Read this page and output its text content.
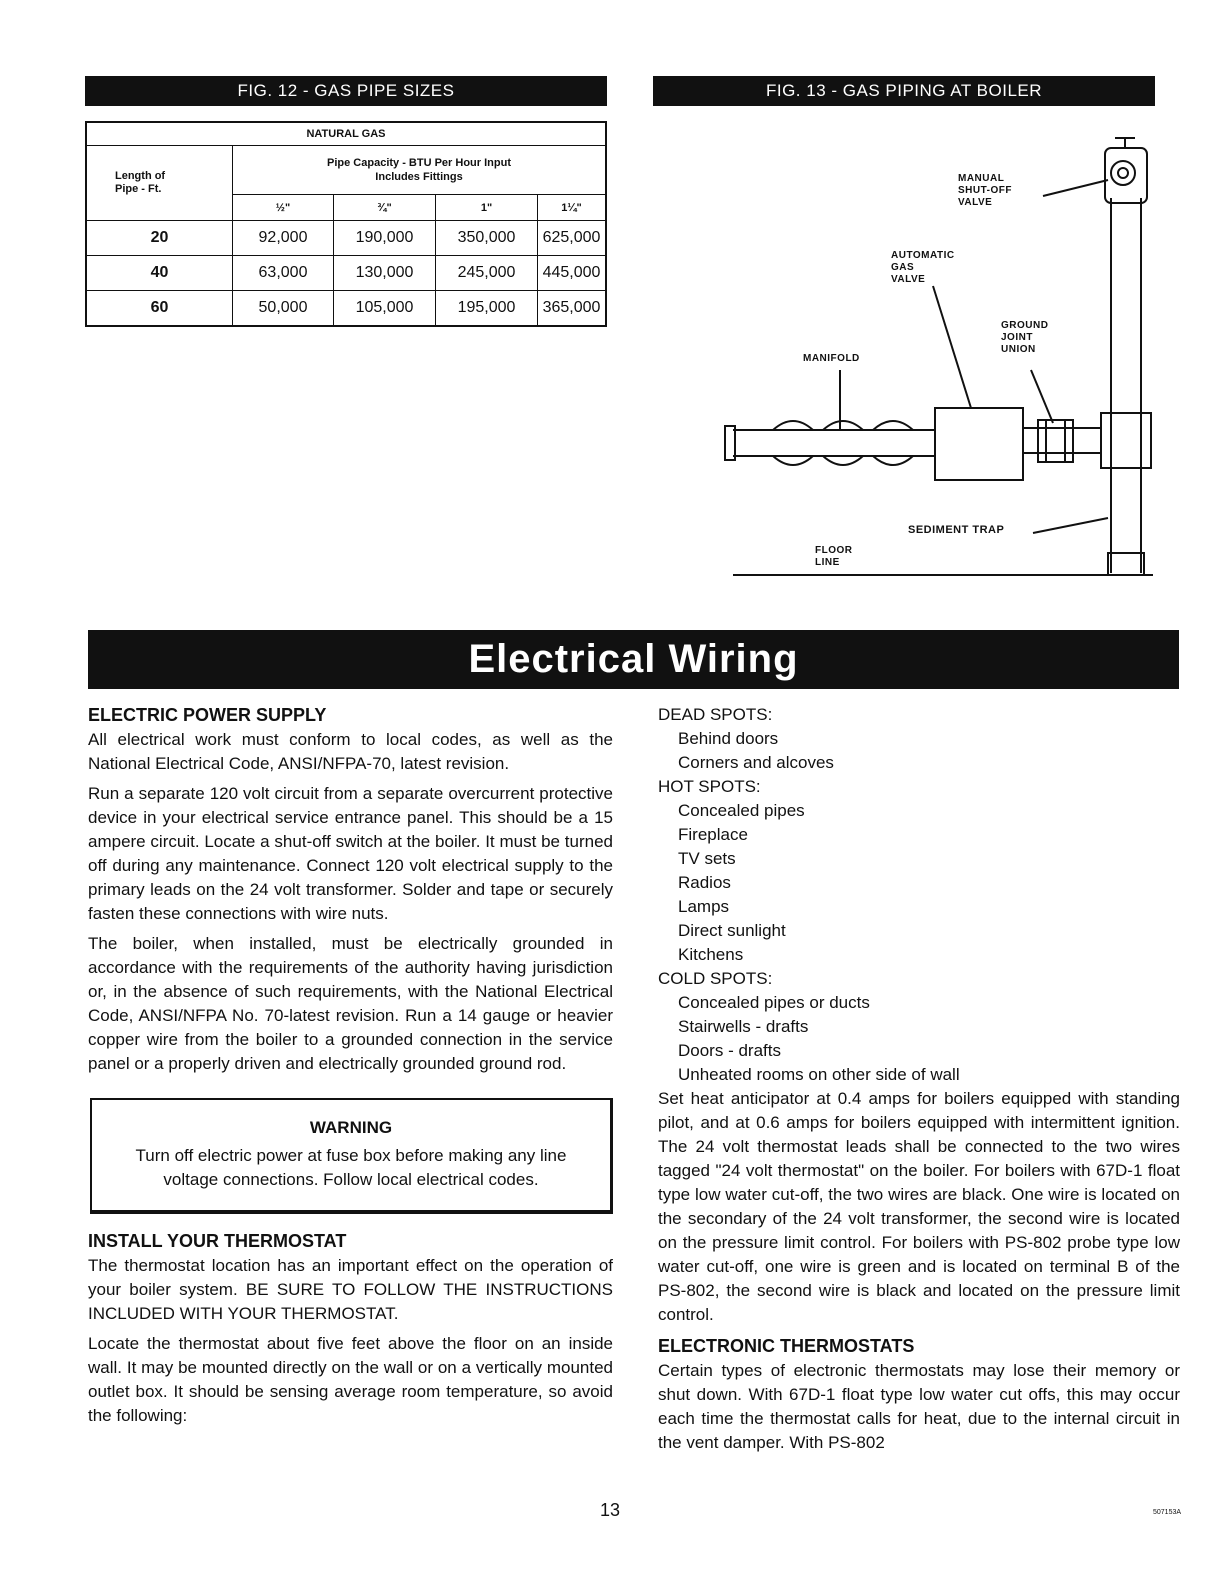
FIG. 12 - GAS PIPE SIZES
NATURAL GAS				
Length of Pipe - Ft.	Pipe Capacity - BTU Per Hour Input
Includes Fittings			

	½"	¾"	1"	1¼"
20	92,000	190,000	350,000	625,000
40	63,000	130,000	245,000	445,000
60	50,000	105,000	195,000	365,000
FIG. 13 - GAS PIPING AT BOILER
MANUAL
SHUT-OFF
VALVE
AUTOMATIC
GAS
VALVE
GROUND
JOINT
UNION
MANIFOLD
SEDIMENT TRAP
FLOOR
LINE
Electrical Wiring
ELECTRIC POWER SUPPLY

All electrical work must conform to local codes, as well as the National Electrical Code, ANSI/NFPA-70, latest revision.

Run a separate 120 volt circuit from a separate overcurrent protective device in your electrical service entrance panel. This should be a 15 ampere circuit. Locate a shut-off switch at the boiler. It must be turned off during any maintenance. Connect 120 volt electrical supply to the primary leads on the 24 volt transformer. Solder and tape or securely fasten these connections with wire nuts.

The boiler, when installed, must be electrically grounded in accordance with the requirements of the authority having jurisdiction or, in the absence of such requirements, with the National Electrical Code, ANSI/NFPA No. 70-latest revision. Run a 14 gauge or heavier copper wire from the boiler to a grounded connection in the service panel or a properly driven and electrically grounded ground rod.

WARNING
Turn off electric power at fuse box before making any line voltage connections. Follow local electrical codes.
INSTALL YOUR THERMOSTAT

The thermostat location has an important effect on the operation of your boiler system. BE SURE TO FOLLOW THE INSTRUCTIONS INCLUDED WITH YOUR THERMOSTAT.

Locate the thermostat about five feet above the floor on an inside wall. It may be mounted directly on the wall or on a vertically mounted outlet box. It should be sensing average room temperature, so avoid the following:

DEAD SPOTS:
Behind doors
Corners and alcoves
HOT SPOTS:
Concealed pipes
Fireplace
TV sets
Radios
Lamps
Direct sunlight
Kitchens
COLD SPOTS:
Concealed pipes or ducts
Stairwells - drafts
Doors - drafts
Unheated rooms on other side of wall

Set heat anticipator at 0.4 amps for boilers equipped with standing pilot, and at 0.6 amps for boilers equipped with intermittent ignition. The 24 volt thermostat leads shall be connected to the two wires tagged "24 volt thermostat" on the boiler. For boilers with 67D-1 float type low water cut-off, the two wires are black. One wire is located on the secondary of the 24 volt transformer, the second wire is located on the pressure limit control. For boilers with PS-802 probe type low water cut-off, one wire is green and is located on terminal B of the PS-802, the second wire is black and located on the pressure limit control.

ELECTRONIC THERMOSTATS

Certain types of electronic thermostats may lose their memory or shut down. With 67D-1 float type low water cut offs, this may occur each time the thermostat calls for heat, due to the internal circuit in the vent damper. With PS-802

13	507153A
